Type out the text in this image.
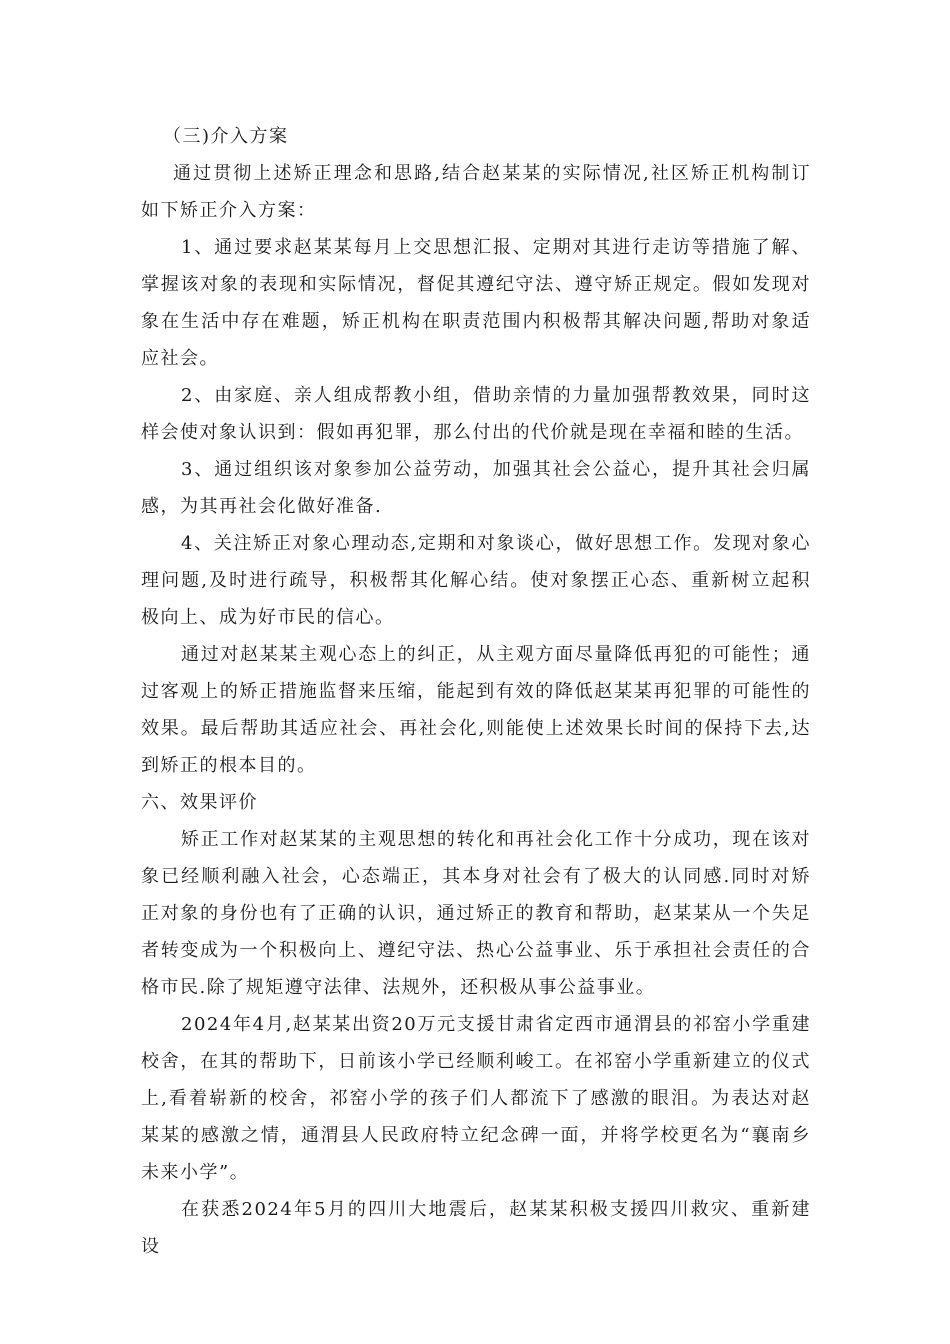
（三)介入方案

通过贯彻上述矫正理念和思路,结合赵某某的实际情况,社区矫正机构制订如下矫正介入方案：

1、通过要求赵某某每月上交思想汇报、定期对其进行走访等措施了解、掌握该对象的表现和实际情况，督促其遵纪守法、遵守矫正规定。假如发现对象在生活中存在难题，矫正机构在职责范围内积极帮其解决问题,帮助对象适应社会。

2、由家庭、亲人组成帮教小组，借助亲情的力量加强帮教效果，同时这样会使对象认识到：假如再犯罪，那么付出的代价就是现在幸福和睦的生活。

3、通过组织该对象参加公益劳动，加强其社会公益心，提升其社会归属感，为其再社会化做好准备.

4、关注矫正对象心理动态,定期和对象谈心，做好思想工作。发现对象心理问题,及时进行疏导，积极帮其化解心结。使对象摆正心态、重新树立起积极向上、成为好市民的信心。

通过对赵某某主观心态上的纠正，从主观方面尽量降低再犯的可能性；通过客观上的矫正措施监督来压缩，能起到有效的降低赵某某再犯罪的可能性的效果。最后帮助其适应社会、再社会化,则能使上述效果长时间的保持下去,达到矫正的根本目的。

六、效果评价

矫正工作对赵某某的主观思想的转化和再社会化工作十分成功，现在该对象已经顺利融入社会，心态端正，其本身对社会有了极大的认同感.同时对矫正对象的身份也有了正确的认识，通过矫正的教育和帮助，赵某某从一个失足者转变成为一个积极向上、遵纪守法、热心公益事业、乐于承担社会责任的合格市民.除了规矩遵守法律、法规外，还积极从事公益事业。

2024年4月,赵某某出资20万元支援甘肃省定西市通渭县的祁窑小学重建校舍，在其的帮助下，日前该小学已经顺利峻工。在祁窑小学重新建立的仪式上,看着崭新的校舍，祁窑小学的孩子们人都流下了感激的眼泪。为表达对赵某某的感激之情，通渭县人民政府特立纪念碑一面，并将学校更名为“襄南乡未来小学”。

在获悉2024年5月的四川大地震后，赵某某积极支援四川救灾、重新建设
